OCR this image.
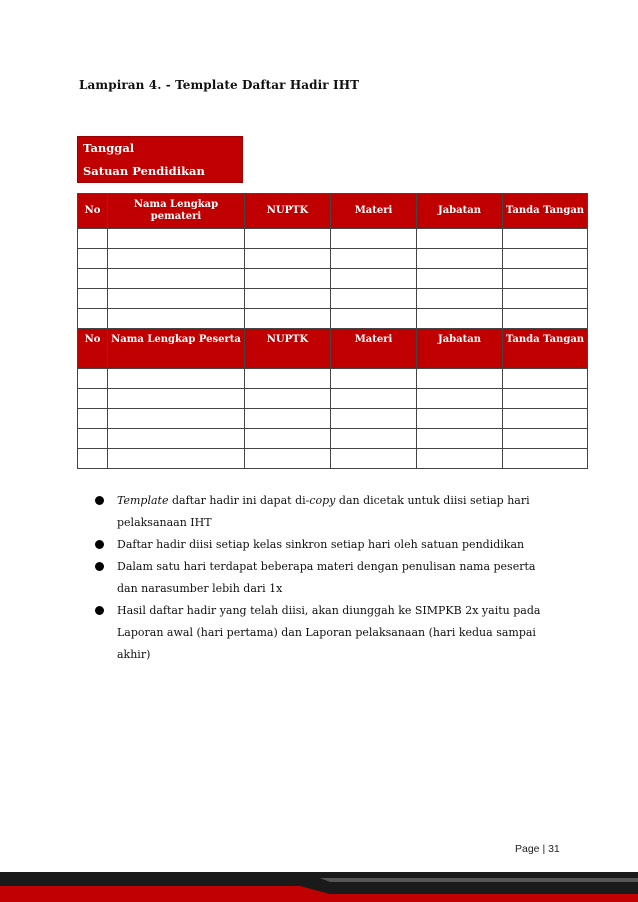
Lampiran 4. - Template Daftar Hadir IHT
Tanggal
Satuan Pendidikan
No	Nama Lengkap pemateri	NUPTK	Materi	Jabatan	Tanda Tangan

No	Nama Lengkap Peserta	NUPTK	Materi	Jabatan	Tanda Tangan

Template daftar hadir ini dapat di-copy dan dicetak untuk diisi setiap hari pelaksanaan IHT
Daftar hadir diisi setiap kelas sinkron setiap hari oleh satuan pendidikan
Dalam satu hari terdapat beberapa materi dengan penulisan nama peserta dan narasumber lebih dari 1x
Hasil daftar hadir yang telah diisi, akan diunggah ke SIMPKB 2x yaitu pada Laporan awal (hari pertama) dan Laporan pelaksanaan (hari kedua sampai akhir)
Page | 31
